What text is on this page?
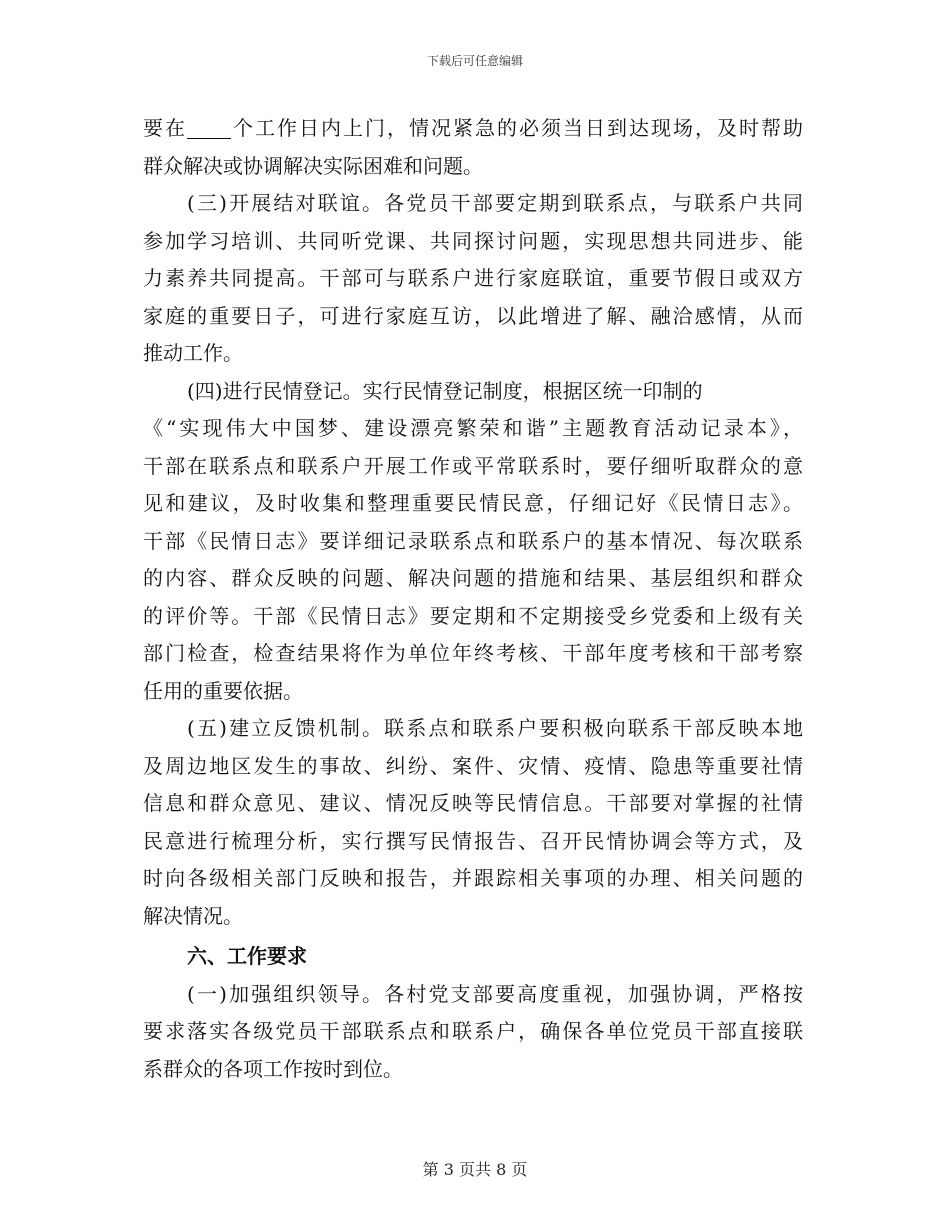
下载后可任意编辑
要在 个工作日内上门，情况紧急的必须当日到达现场，及时帮助
群众解决或协调解决实际困难和问题。
(三)开展结对联谊。各党员干部要定期到联系点，与联系户共同
参加学习培训、共同听党课、共同探讨问题，实现思想共同进步、能
力素养共同提高。干部可与联系户进行家庭联谊，重要节假日或双方
家庭的重要日子，可进行家庭互访，以此增进了解、融洽感情，从而
推动工作。
(四)进行民情登记。实行民情登记制度，根据区统一印制的
《“实现伟大中国梦、建设漂亮繁荣和谐”主题教育活动记录本》，
干部在联系点和联系户开展工作或平常联系时，要仔细听取群众的意
见和建议，及时收集和整理重要民情民意，仔细记好《民情日志》。
干部《民情日志》要详细记录联系点和联系户的基本情况、每次联系
的内容、群众反映的问题、解决问题的措施和结果、基层组织和群众
的评价等。干部《民情日志》要定期和不定期接受乡党委和上级有关
部门检查，检查结果将作为单位年终考核、干部年度考核和干部考察
任用的重要依据。
(五)建立反馈机制。联系点和联系户要积极向联系干部反映本地
及周边地区发生的事故、纠纷、案件、灾情、疫情、隐患等重要社情
信息和群众意见、建议、情况反映等民情信息。干部要对掌握的社情
民意进行梳理分析，实行撰写民情报告、召开民情协调会等方式，及
时向各级相关部门反映和报告，并跟踪相关事项的办理、相关问题的
解决情况。
六、工作要求
(一)加强组织领导。各村党支部要高度重视，加强协调，严格按
要求落实各级党员干部联系点和联系户，确保各单位党员干部直接联
系群众的各项工作按时到位。
第 3 页共 8 页
